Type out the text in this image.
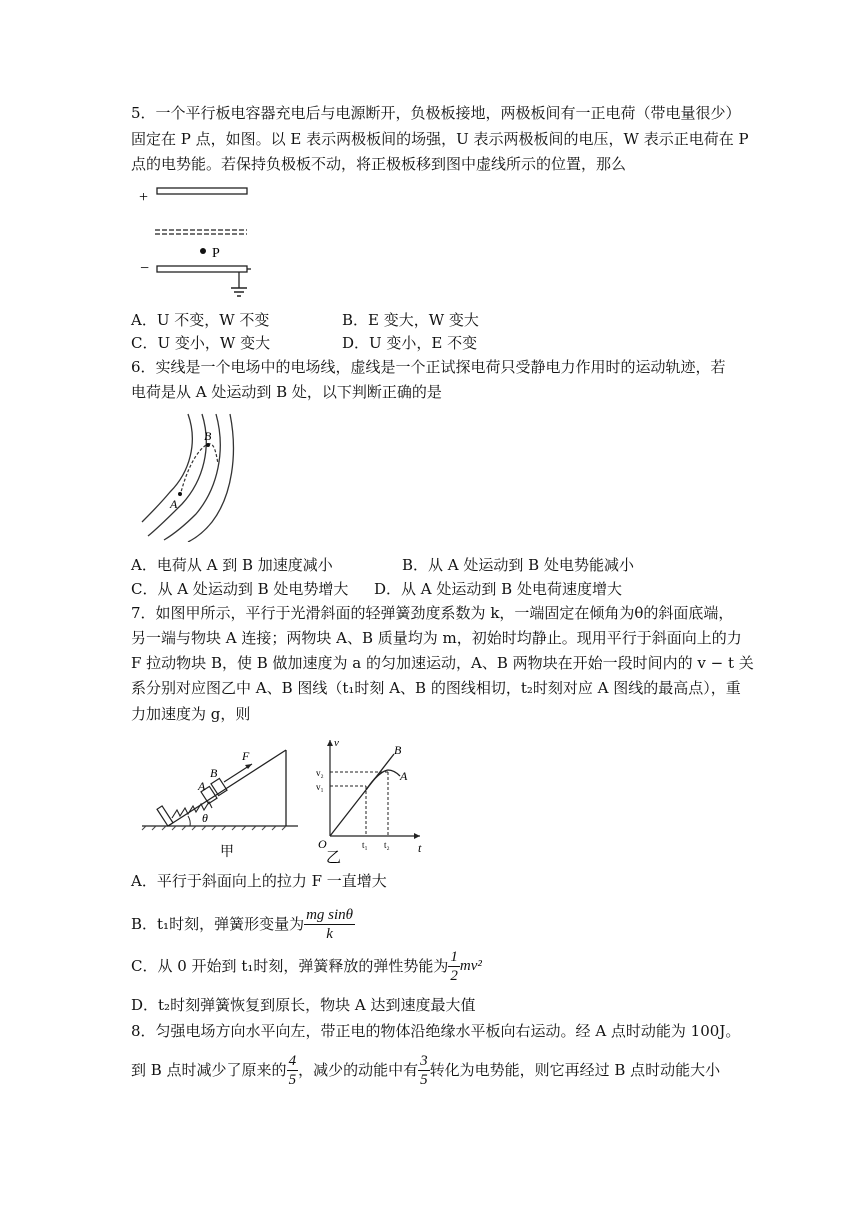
5．一个平行板电容器充电后与电源断开，负极板接地，两极板间有一正电荷（带电量很少）
固定在 P 点，如图。以 E 表示两极板间的场强，U 表示两极板间的电压，W 表示正电荷在 P
点的电势能。若保持负极板不动，将正极板移到图中虚线所示的位置，那么
+
P
−
A．U 不变，W 不变	B．E 变大，W 变大
C．U 变小，W 变大	D．U 变小，E 不变
6．实线是一个电场中的电场线，虚线是一个正试探电荷只受静电力作用时的运动轨迹，若
电荷是从 A 处运动到 B 处，以下判断正确的是
A
B
A．电荷从 A 到 B 加速度减小	B．从 A 处运动到 B 处电势能减小
C．从 A 处运动到 B 处电势增大 D．从 A 处运动到 B 处电荷速度增大
7．如图甲所示，平行于光滑斜面的轻弹簧劲度系数为 k，一端固定在倾角为θ的斜面底端，
另一端与物块 A 连接；两物块 A、B 质量均为 m，初始时均静止。现用平行于斜面向上的力
F 拉动物块 B，使 B 做加速度为 a 的匀加速运动，A、B 两物块在开始一段时间内的 v − t 关
系分别对应图乙中 A、B 图线（t₁时刻 A、B 的图线相切，t₂时刻对应 A 图线的最高点），重
力加速度为 g，则
A
B
F
θ
甲
v
t
O
v₂
v₁
t₁ t₂
B
A
乙
A．平行于斜面向上的拉力 F 一直增大
B．t₁时刻，弹簧形变量为 $\frac{\text{mg sinθ}}{k}$
C．从 0 开始到 t₁时刻，弹簧释放的弹性势能为 $\frac{1}{2} mv^2$
D．t₂时刻弹簧恢复到原长，物块 A 达到速度最大值
8．匀强电场方向水平向左，带正电的物体沿绝缘水平板向右运动。经 A 点时动能为 100J。
到 B 点时减少了原来的 $\frac{4}{5}$ ，减少的动能中有 $\frac{3}{5}$ 转化为电势能，则它再经过 B 点时动能大小
